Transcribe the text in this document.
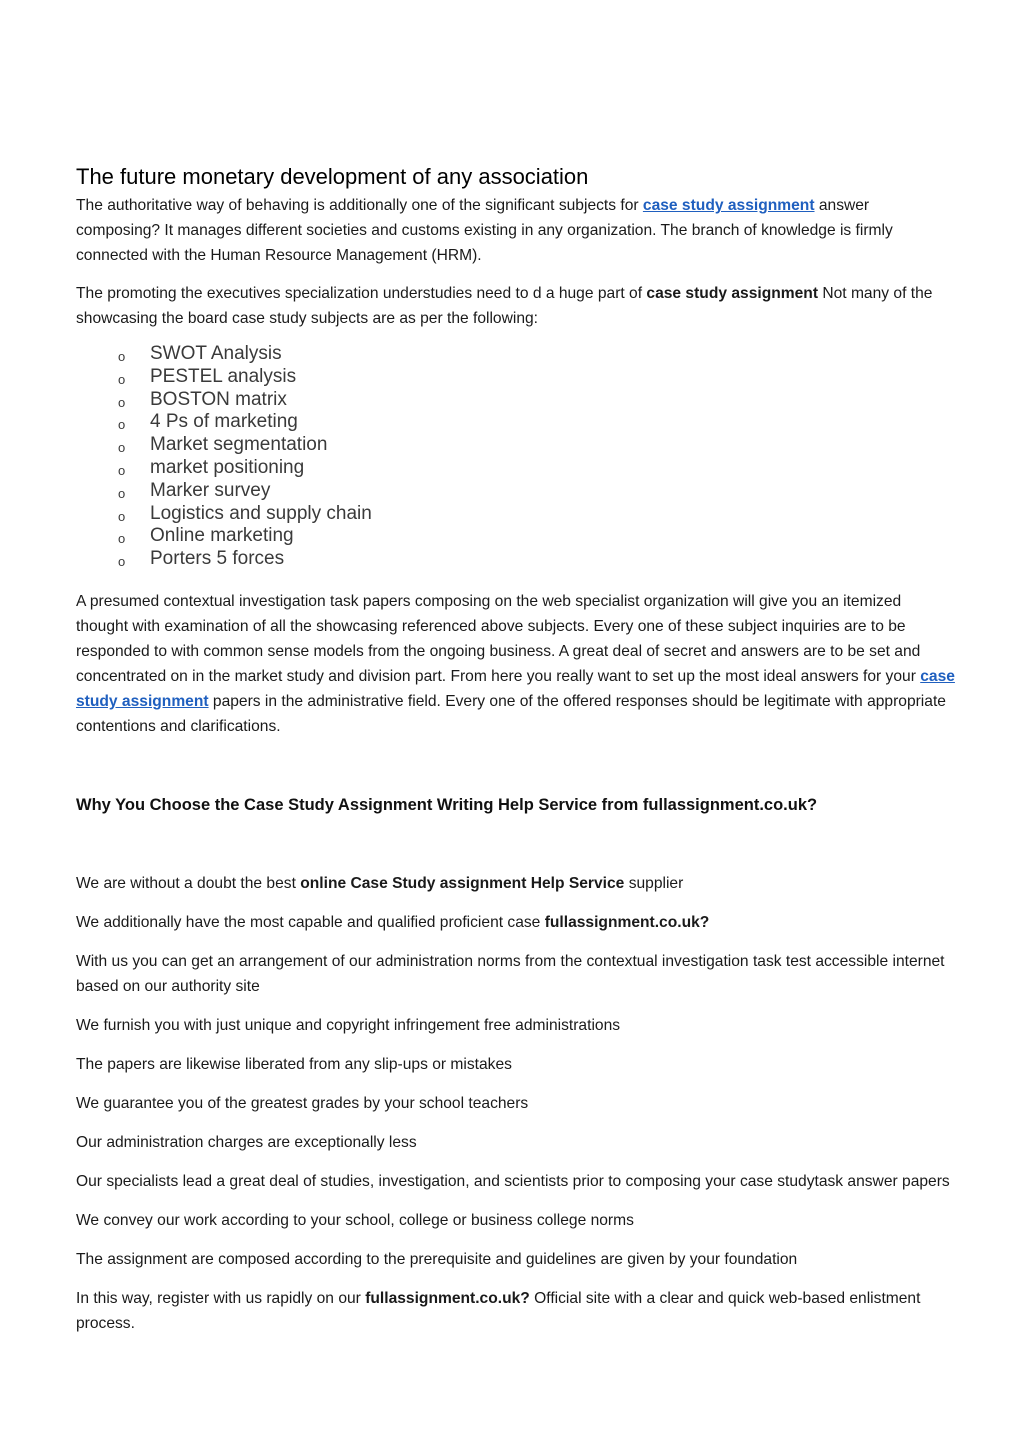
The future monetary development of any association

The authoritative way of behaving is additionally one of the significant subjects for case study assignment answer composing? It manages different societies and customs existing in any organization. The branch of knowledge is firmly connected with the Human Resource Management (HRM).

The promoting the executives specialization understudies need to d a huge part of case study assignment Not many of the showcasing the board case study subjects are as per the following:

o SWOT Analysis
o PESTEL analysis
o BOSTON matrix
o 4 Ps of marketing
o Market segmentation
o market positioning
o Marker survey
o Logistics and supply chain
o Online marketing
o Porters 5 forces

A presumed contextual investigation task papers composing on the web specialist organization will give you an itemized thought with examination of all the showcasing referenced above subjects. Every one of these subject inquiries are to be responded to with common sense models from the ongoing business. A great deal of secret and answers are to be set and concentrated on in the market study and division part. From here you really want to set up the most ideal answers for your case study assignment papers in the administrative field. Every one of the offered responses should be legitimate with appropriate contentions and clarifications.

Why You Choose the Case Study Assignment Writing Help Service from fullassignment.co.uk?

We are without a doubt the best online Case Study assignment Help Service supplier

We additionally have the most capable and qualified proficient case fullassignment.co.uk?

With us you can get an arrangement of our administration norms from the contextual investigation task test accessible internet based on our authority site

We furnish you with just unique and copyright infringement free administrations

The papers are likewise liberated from any slip-ups or mistakes

We guarantee you of the greatest grades by your school teachers

Our administration charges are exceptionally less

Our specialists lead a great deal of studies, investigation, and scientists prior to composing your case studytask answer papers

We convey our work according to your school, college or business college norms

The assignment are composed according to the prerequisite and guidelines are given by your foundation

In this way, register with us rapidly on our fullassignment.co.uk? Official site with a clear and quick web-based enlistment process.
